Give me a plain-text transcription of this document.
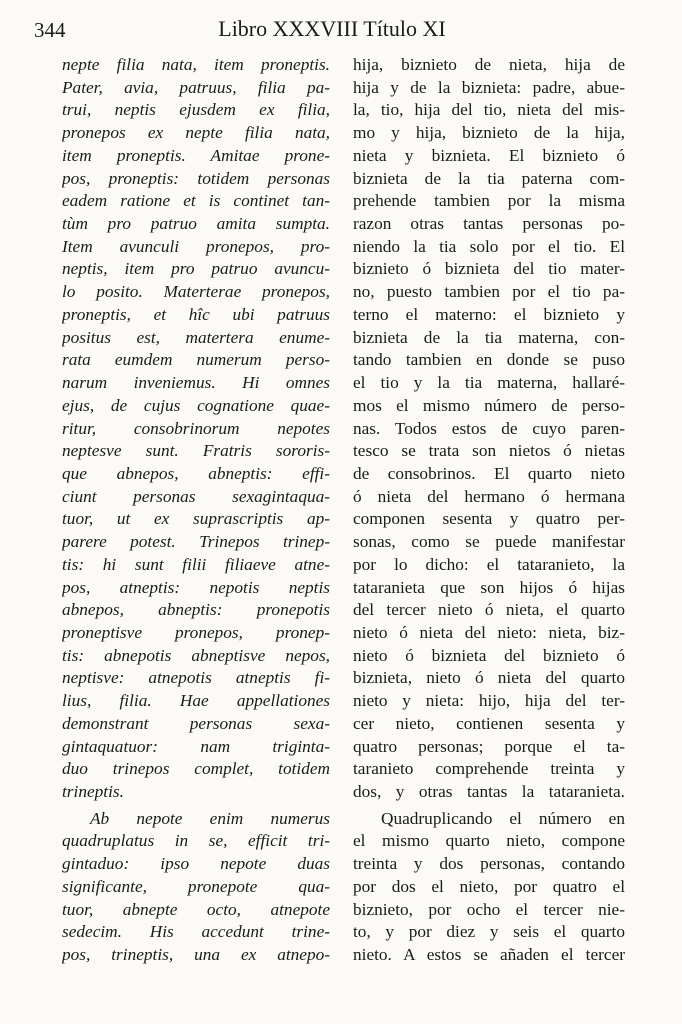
344	Libro XXXVIII Título XI
nepte filia nata, item proneptis.
Pater, avia, patruus, filia pa-
trui, neptis ejusdem ex filia,
pronepos ex nepte filia nata,
item proneptis. Amitae prone-
pos, proneptis: totidem personas
eadem ratione et is continet tan-
tùm pro patruo amita sumpta.
Item avunculi pronepos, pro-
neptis, item pro patruo avuncu-
lo posito. Materterae pronepos,
proneptis, et hîc ubi patruus
positus est, matertera enume-
rata eumdem numerum perso-
narum inveniemus. Hi omnes
ejus, de cujus cognatione quae-
ritur, consobrinorum nepotes
neptesve sunt. Fratris sororis-
que abnepos, abneptis: effi-
ciunt personas sexagintaqua-
tuor, ut ex suprascriptis ap-
parere potest. Trinepos trinep-
tis: hi sunt filii filiaeve atne-
pos, atneptis: nepotis neptis
abnepos, abneptis: pronepotis
proneptisve pronepos, pronep-
tis: abnepotis abneptisve nepos,
neptisve: atnepotis atneptis fi-
lius, filia. Hae appellationes
demonstrant personas sexa-
gintaquatuor: nam triginta-
duo trinepos complet, totidem
trineptis.
Ab nepote enim numerus
quadruplatus in se, efficit tri-
gintaduo: ipso nepote duas
significante, pronepote qua-
tuor, abnepte octo, atnepote
sedecim. His accedunt trine-
pos, trineptis, una ex atnepo-
hija, biznieto de nieta, hija de
hija y de la biznieta: padre, abue-
la, tio, hija del tio, nieta del mis-
mo y hija, biznieto de la hija,
nieta y biznieta. El biznieto ó
biznieta de la tia paterna com-
prehende tambien por la misma
razon otras tantas personas po-
niendo la tia solo por el tio. El
biznieto ó biznieta del tio mater-
no, puesto tambien por el tio pa-
terno el materno: el biznieto y
biznieta de la tia materna, con-
tando tambien en donde se puso
el tio y la tia materna, hallaré-
mos el mismo número de perso-
nas. Todos estos de cuyo paren-
tesco se trata son nietos ó nietas
de consobrinos. El quarto nieto
ó nieta del hermano ó hermana
componen sesenta y quatro per-
sonas, como se puede manifestar
por lo dicho: el tataranieto, la
tataranieta que son hijos ó hijas
del tercer nieto ó nieta, el quarto
nieto ó nieta del nieto: nieta, biz-
nieto ó biznieta del biznieto ó
biznieta, nieto ó nieta del quarto
nieto y nieta: hijo, hija del ter-
cer nieto, contienen sesenta y
quatro personas; porque el ta-
taranieto comprehende treinta y
dos, y otras tantas la tataranieta.
Quadruplicando el número en
el mismo quarto nieto, compone
treinta y dos personas, contando
por dos el nieto, por quatro el
biznieto, por ocho el tercer nie-
to, y por diez y seis el quarto
nieto. A estos se añaden el tercer
